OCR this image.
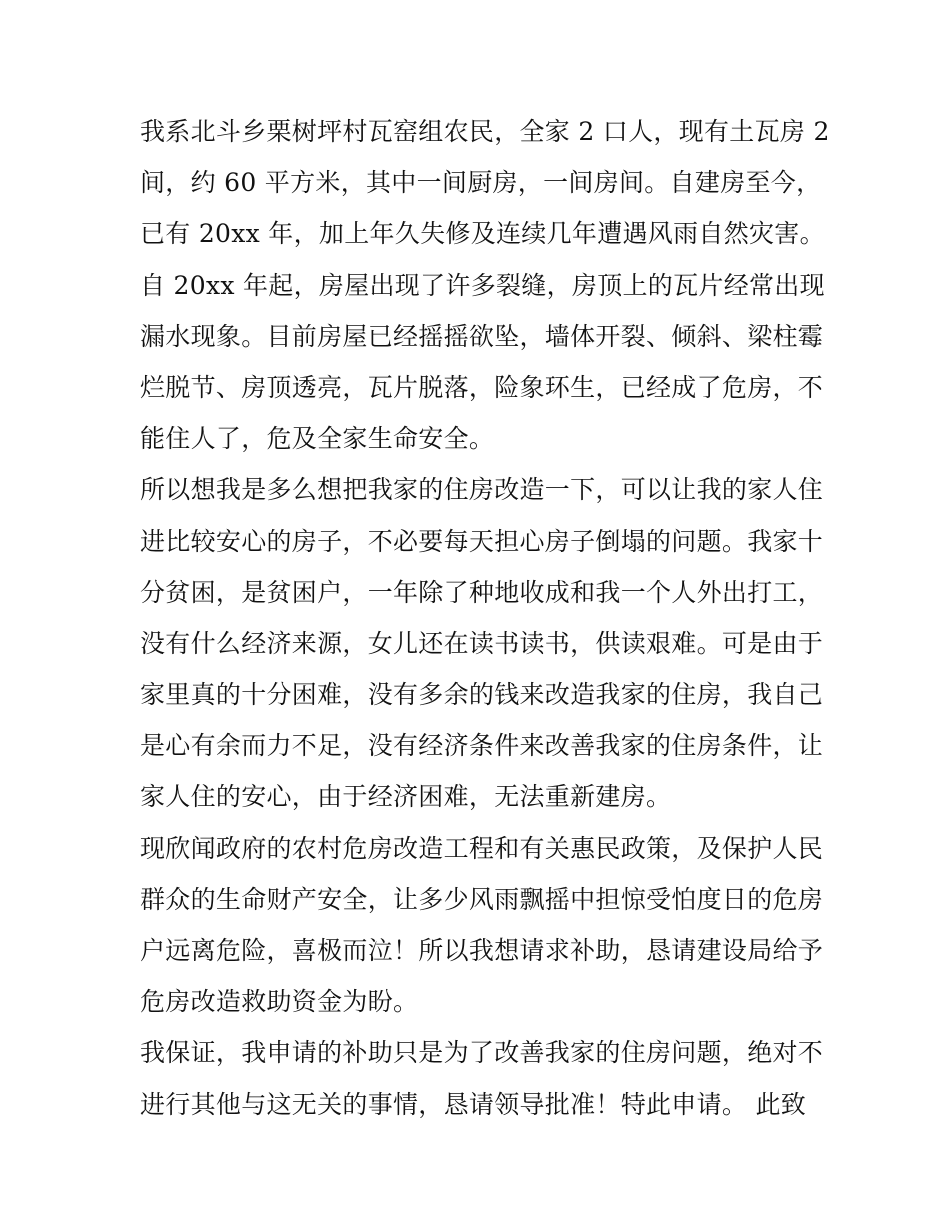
我系北斗乡栗树坪村瓦窑组农民，全家 2 口人，现有土瓦房 2
间，约 60 平方米，其中一间厨房，一间房间。自建房至今，
已有 20xx 年，加上年久失修及连续几年遭遇风雨自然灾害。
自 20xx 年起，房屋出现了许多裂缝，房顶上的瓦片经常出现
漏水现象。目前房屋已经摇摇欲坠，墙体开裂、倾斜、梁柱霉
烂脱节、房顶透亮，瓦片脱落，险象环生，已经成了危房，不
能住人了，危及全家生命安全。
所以想我是多么想把我家的住房改造一下，可以让我的家人住
进比较安心的房子，不必要每天担心房子倒塌的问题。我家十
分贫困，是贫困户，一年除了种地收成和我一个人外出打工，
没有什么经济来源，女儿还在读书读书，供读艰难。可是由于
家里真的十分困难，没有多余的钱来改造我家的住房，我自己
是心有余而力不足，没有经济条件来改善我家的住房条件，让
家人住的安心，由于经济困难，无法重新建房。
现欣闻政府的农村危房改造工程和有关惠民政策，及保护人民
群众的生命财产安全，让多少风雨飘摇中担惊受怕度日的危房
户远离危险，喜极而泣！所以我想请求补助，恳请建设局给予
危房改造救助资金为盼。
我保证，我申请的补助只是为了改善我家的住房问题，绝对不
进行其他与这无关的事情，恳请领导批准！特此申请。 此致
